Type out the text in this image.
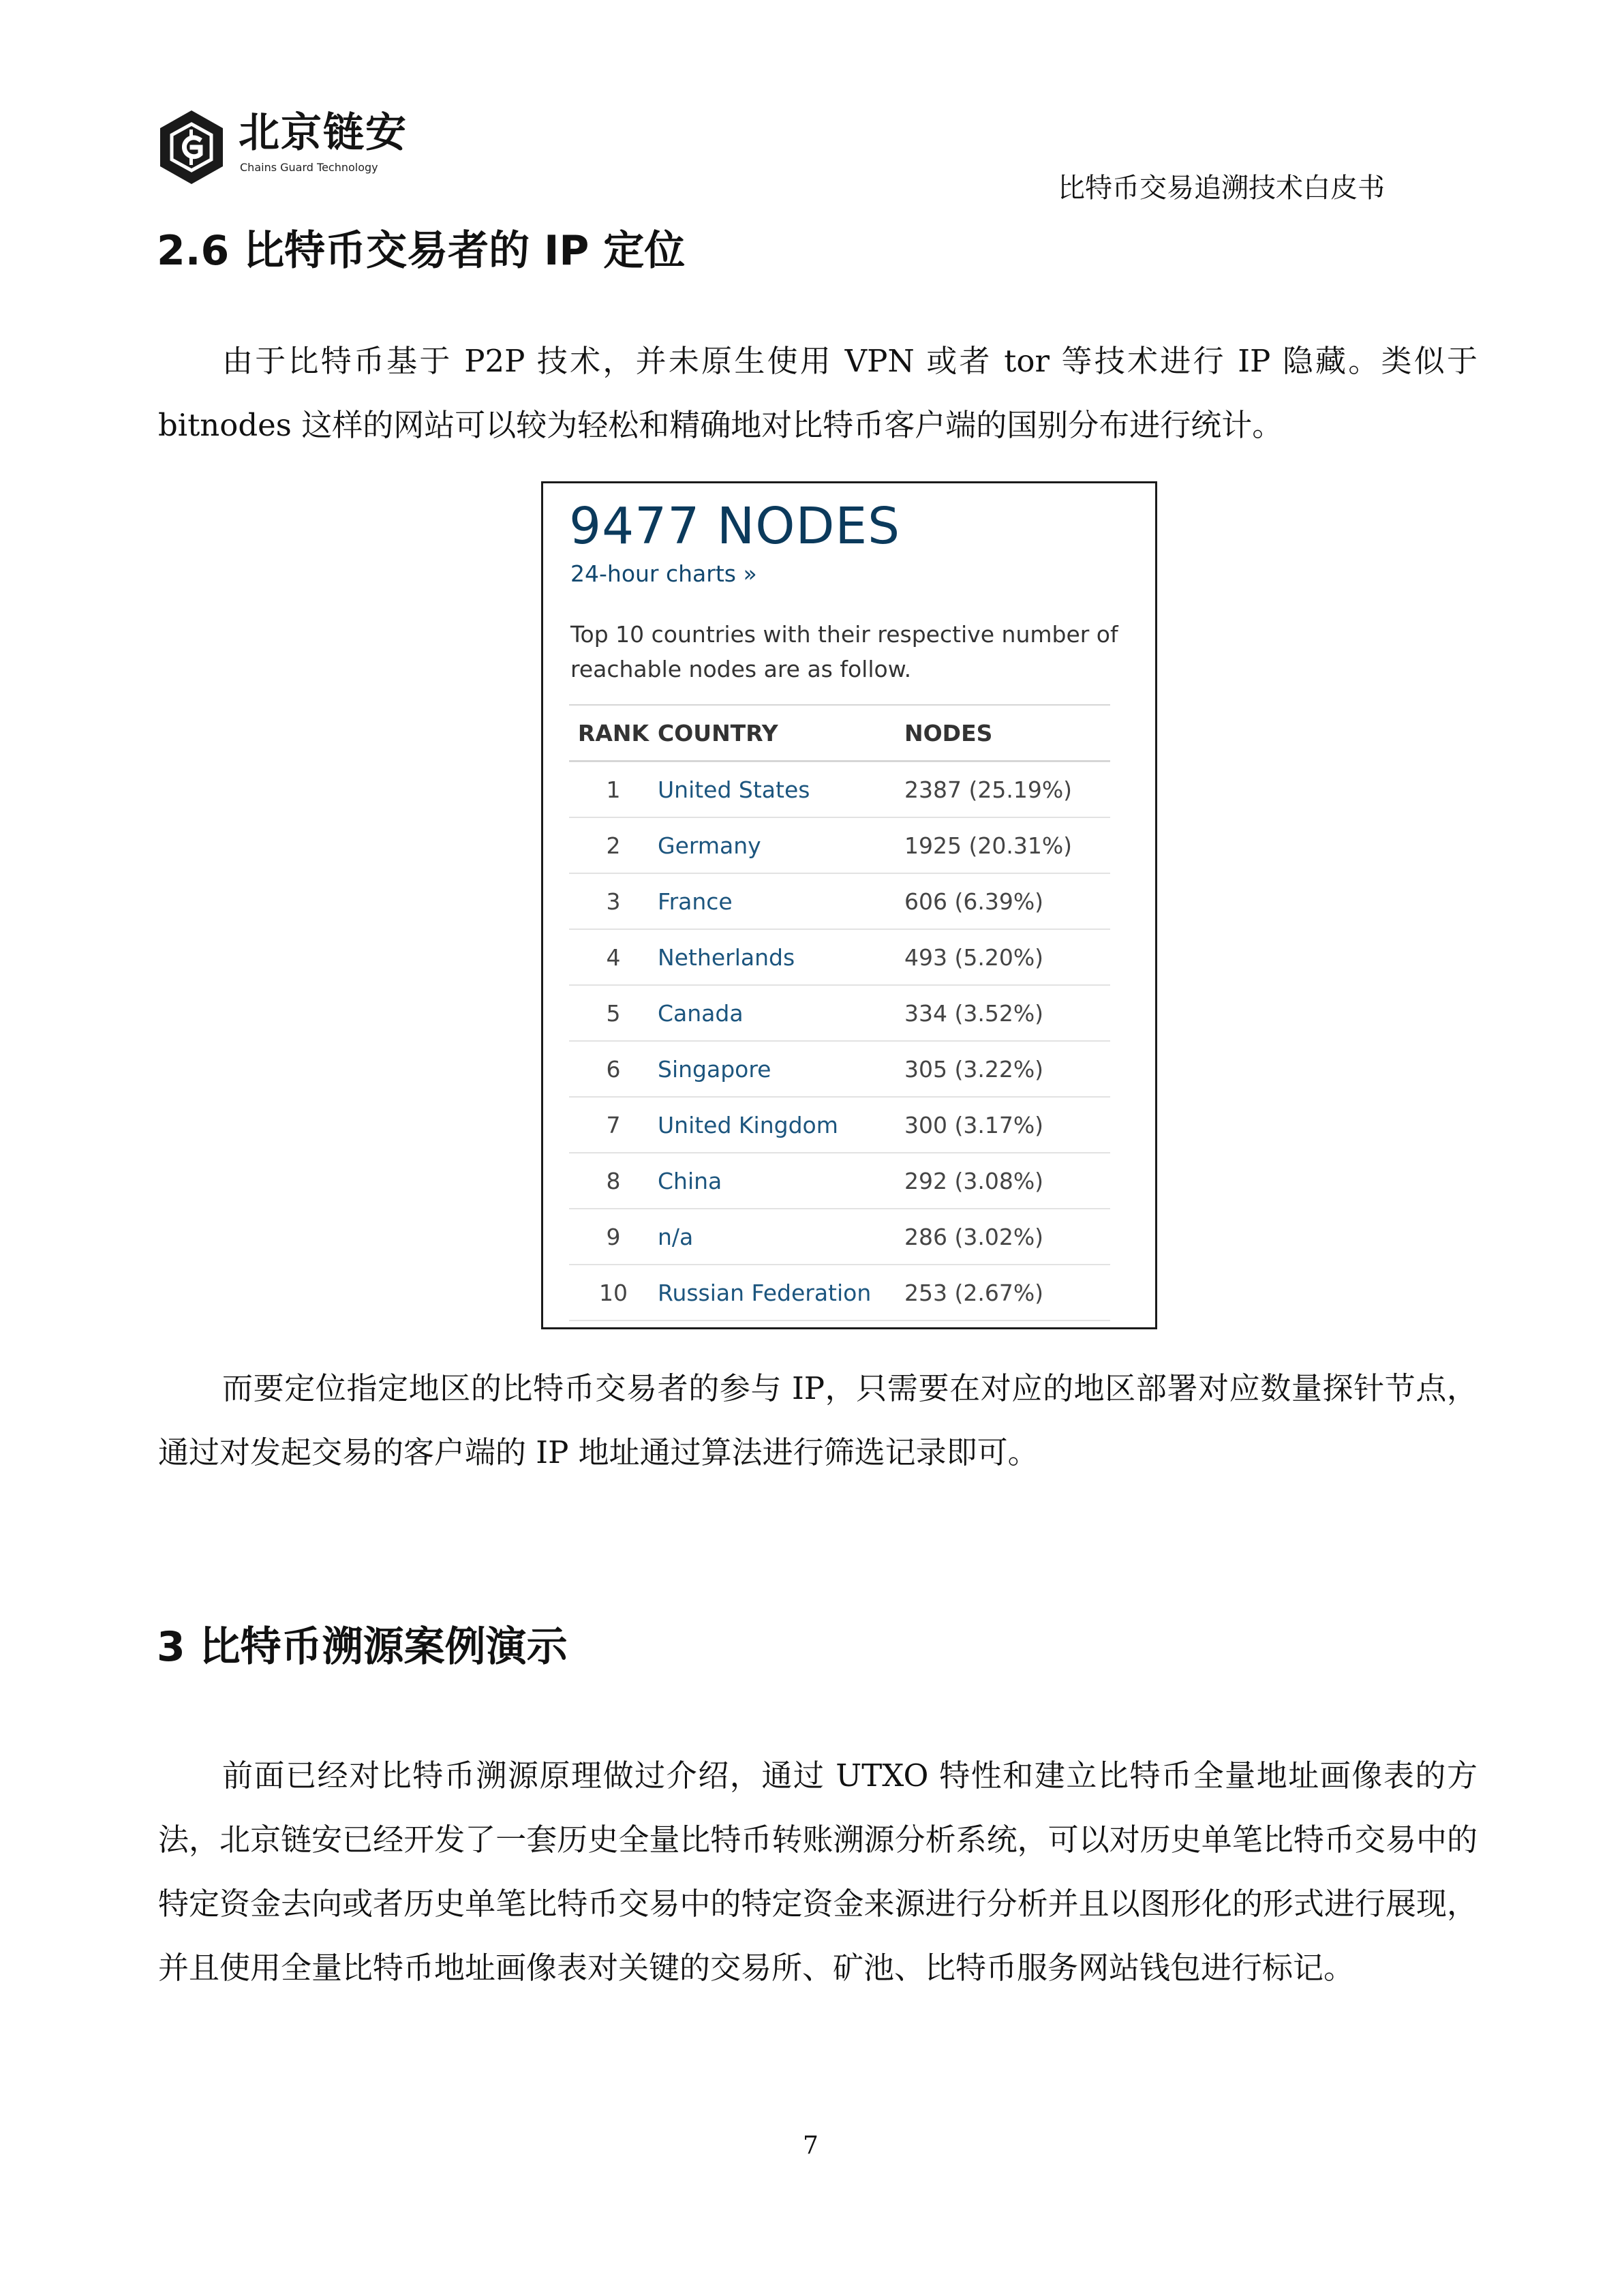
北京链安
Chains Guard Technology
比特币交易追溯技术白皮书
2.6 比特币交易者的 IP 定位
由于比特币基于 P2P 技术，并未原生使用 VPN 或者 tor 等技术进行 IP 隐藏。类似于 bitnodes 这样的网站可以较为轻松和精确地对比特币客户端的国别分布进行统计。
9477 NODES
24-hour charts »
Top 10 countries with their respective number of reachable nodes are as follow.
RANK	COUNTRY	NODES
1	United States	2387 (25.19%)
2	Germany	1925 (20.31%)
3	France	606 (6.39%)
4	Netherlands	493 (5.20%)
5	Canada	334 (3.52%)
6	Singapore	305 (3.22%)
7	United Kingdom	300 (3.17%)
8	China	292 (3.08%)
9	n/a	286 (3.02%)
10	Russian Federation	253 (2.67%)
而要定位指定地区的比特币交易者的参与 IP，只需要在对应的地区部署对应数量探针节点，通过对发起交易的客户端的 IP 地址通过算法进行筛选记录即可。
3 比特币溯源案例演示
前面已经对比特币溯源原理做过介绍，通过 UTXO 特性和建立比特币全量地址画像表的方法，北京链安已经开发了一套历史全量比特币转账溯源分析系统，可以对历史单笔比特币交易中的特定资金去向或者历史单笔比特币交易中的特定资金来源进行分析并且以图形化的形式进行展现，并且使用全量比特币地址画像表对关键的交易所、矿池、比特币服务网站钱包进行标记。
7
